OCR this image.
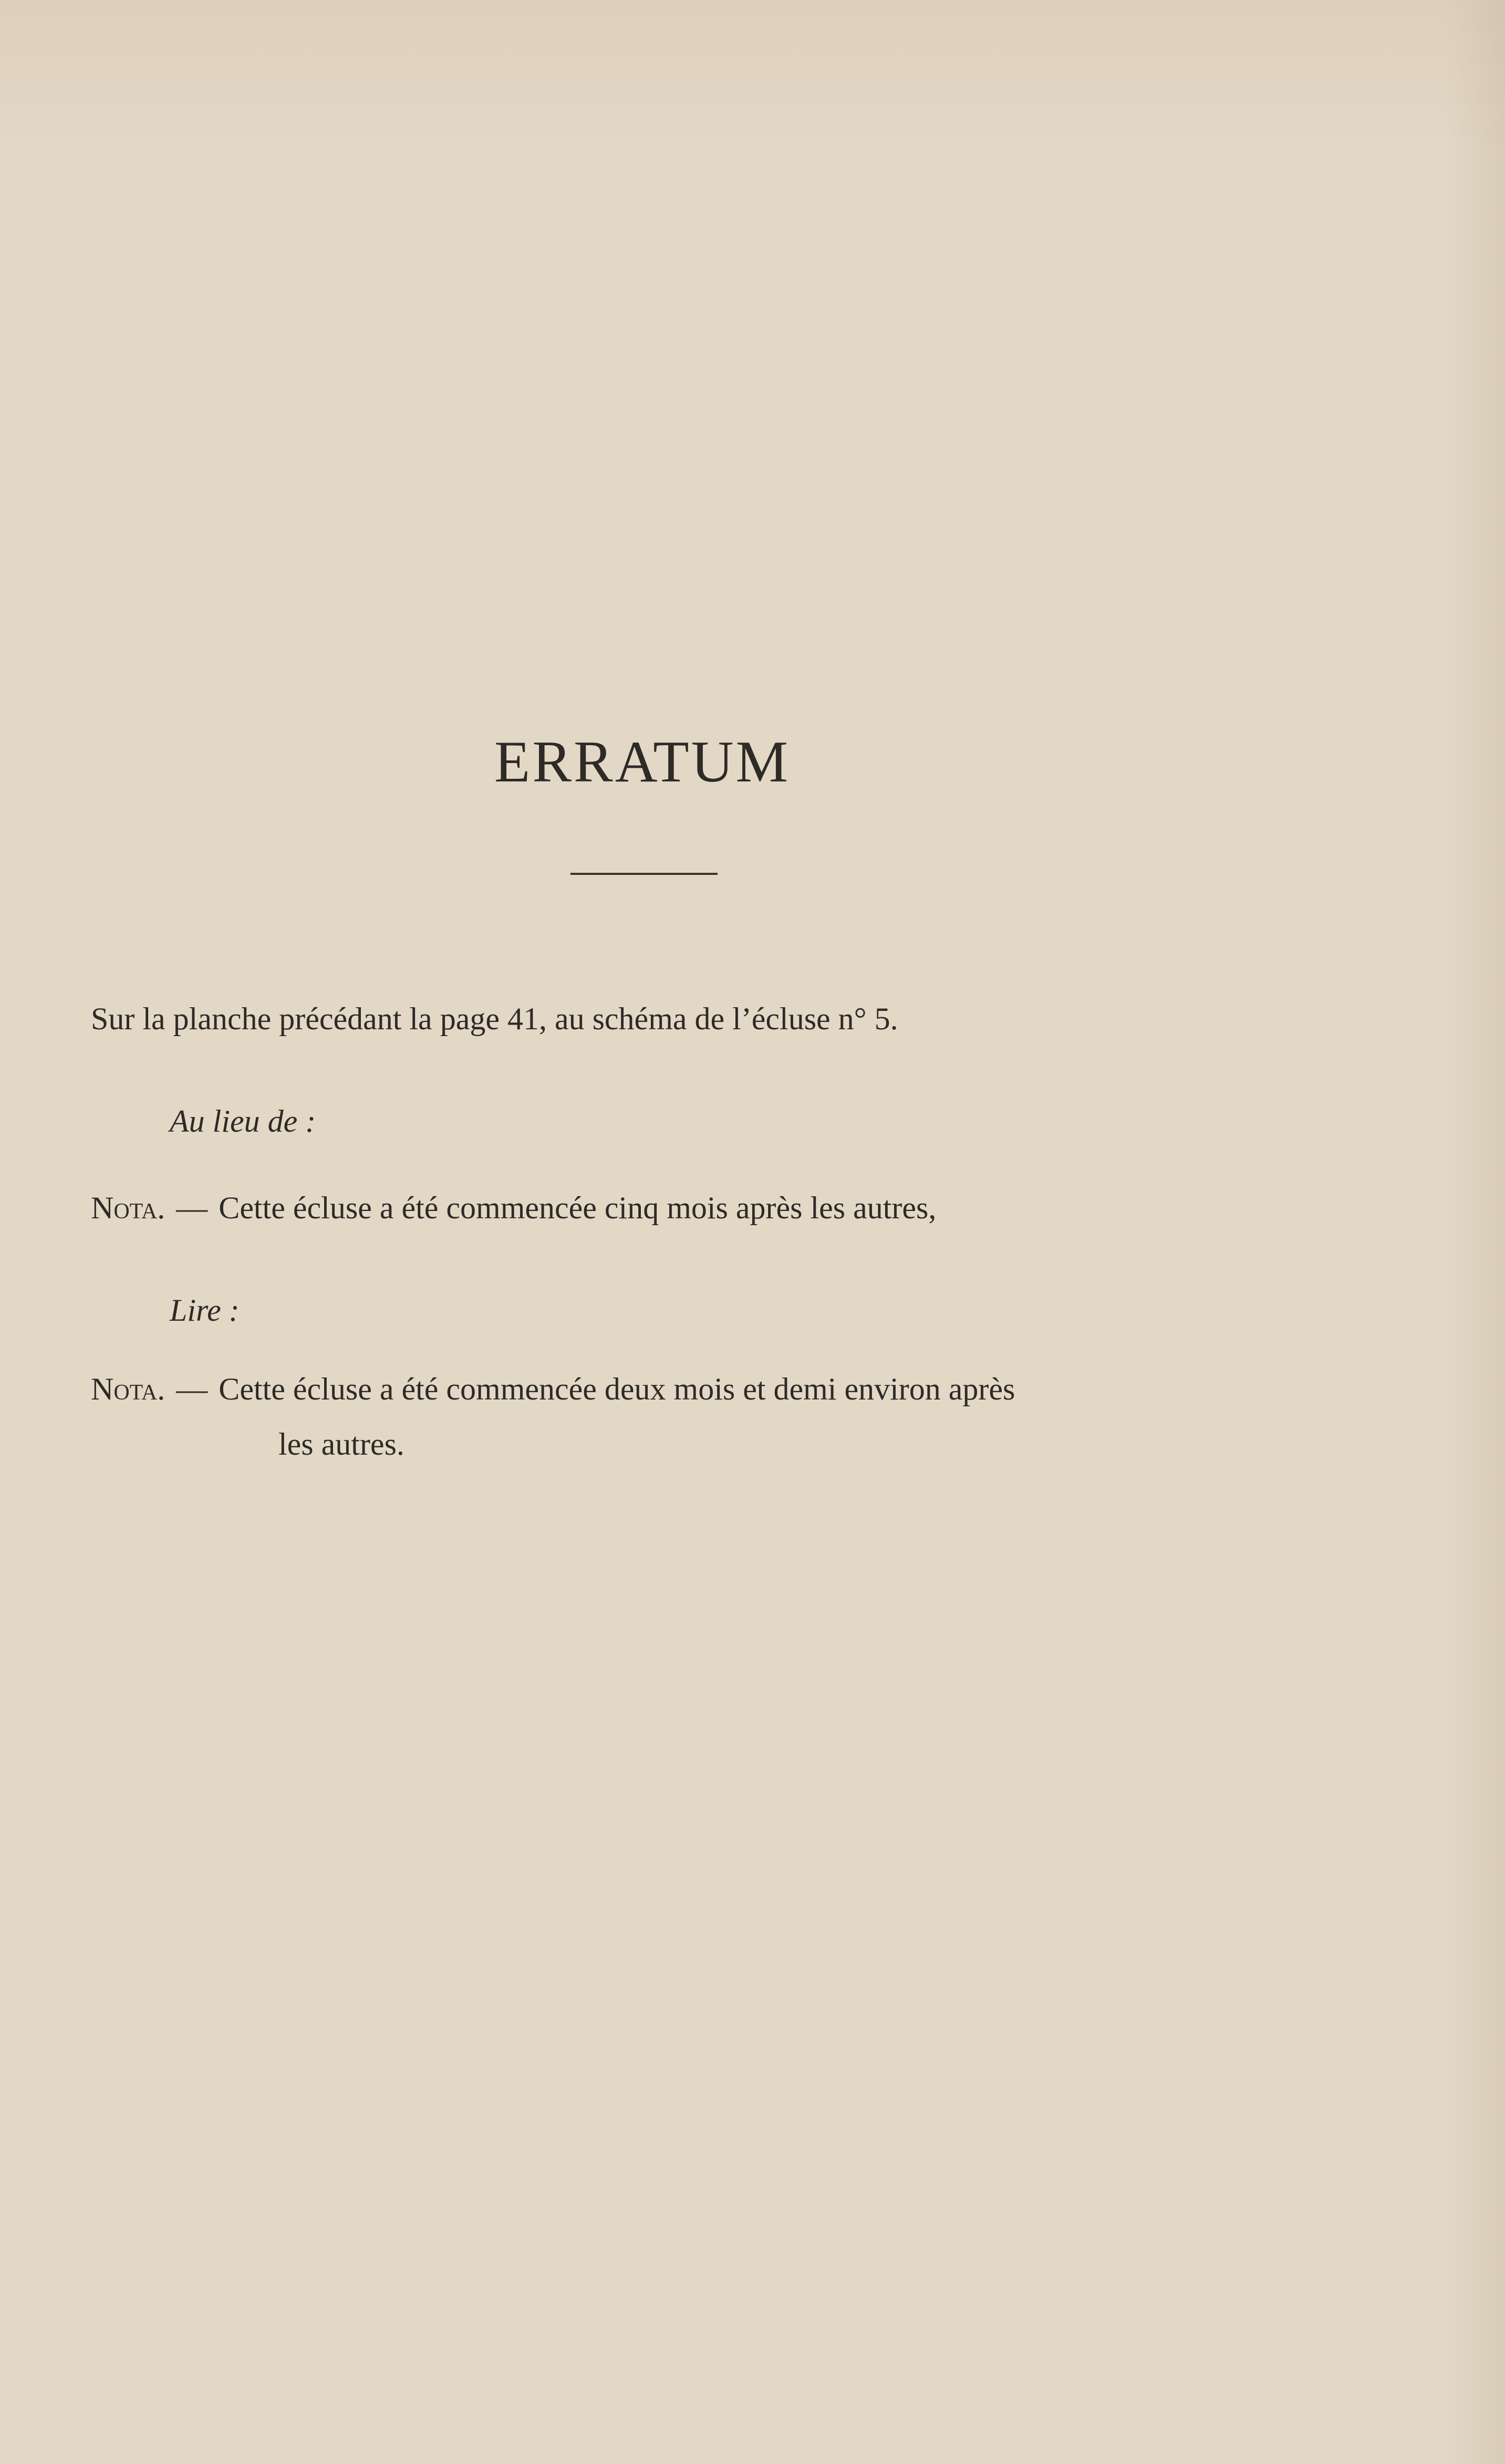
ERRATUM
Sur la planche précédant la page 41, au schéma de l’écluse n° 5.
Au lieu de :
Nota. — Cette écluse a été commencée cinq mois après les autres,
Lire :
Nota. — Cette écluse a été commencée deux mois et demi environ après
les autres.
